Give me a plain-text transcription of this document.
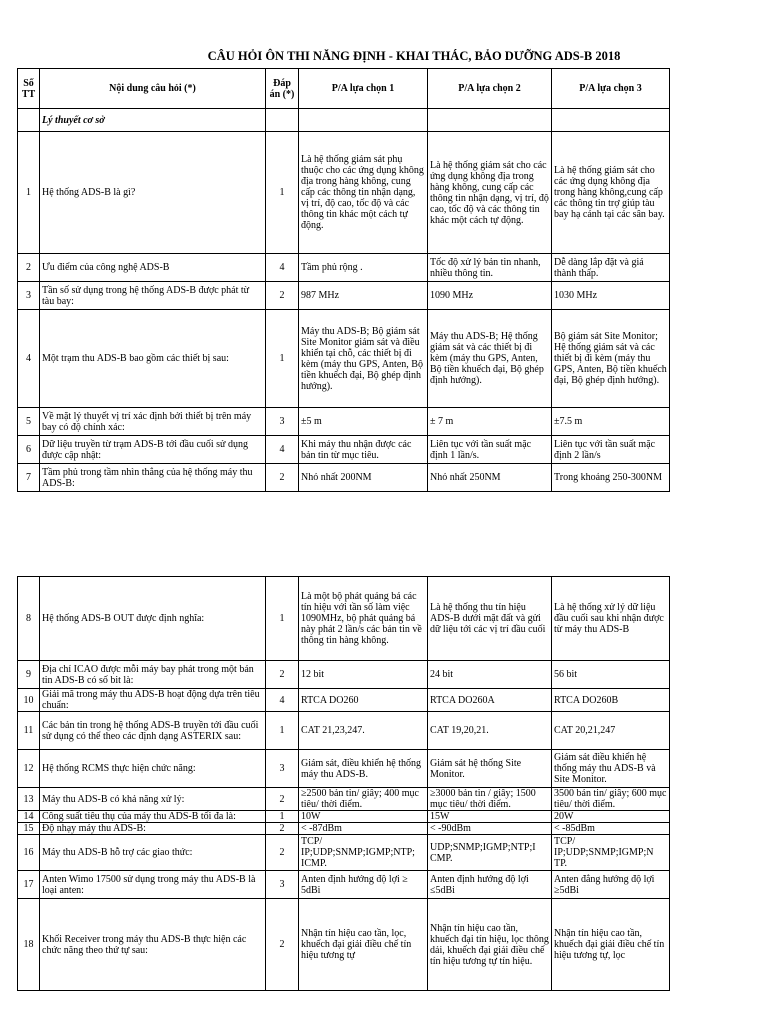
CÂU HỎI ÔN THI NĂNG ĐỊNH - KHAI THÁC, BẢO DƯỠNG ADS-B 2018
Số TT	Nội dung câu hỏi (*)	Đáp án (*)	P/A lựa chọn 1	P/A lựa chọn 2	P/A lựa chọn 3
	Lý thuyết cơ sở				
1	Hệ thống ADS-B là gì?	1	Là hệ thống giám sát phụ thuộc cho các ứng dụng không địa trong hàng không, cung cấp các thông tin nhận dạng, vị trí, độ cao, tốc độ và các thông tin khác một cách tự động.	Là hệ thống giám sát cho các ứng dụng không địa trong hàng không, cung cấp các thông tin nhận dạng, vị trí, độ cao, tốc độ và các thông tin khác một cách tự động.	Là hệ thống giám sát cho các ứng dụng không địa trong hàng không,cung cấp các thông tin trợ giúp tàu bay hạ cánh tại các sân bay.
2	Ưu điểm của công nghệ ADS-B	4	Tầm phủ rộng .	Tốc độ xử lý bản tin nhanh, nhiều thông tin.	Dễ dàng lắp đặt và giá thành thấp.
3	Tần số sử dụng trong hệ thống ADS-B được phát từ tàu bay:	2	987 MHz	1090 MHz	1030 MHz
4	Một trạm thu ADS-B bao gồm các thiết bị sau:	1	Máy thu ADS-B; Bộ giám sát Site Monitor giám sát và điều khiển tại chỗ, các thiết bị đi kèm (máy thu GPS, Anten, Bộ tiền khuếch đại, Bộ ghép định hướng).	Máy thu ADS-B; Hệ thống giám sát và các thiết bị đi kèm (máy thu GPS, Anten, Bộ tiền khuếch đại, Bộ ghép định hướng).	Bộ giám sát Site Monitor; Hệ thống giám sát và các thiết bị đi kèm (máy thu GPS, Anten, Bộ tiền khuếch đại, Bộ ghép định hướng).
5	Về mặt lý thuyết vị trí xác định bởi thiết bị trên máy bay có độ chính xác:	3	±5 m	± 7 m	±7.5 m
6	Dữ liệu truyền từ trạm ADS-B tới đầu cuối sử dụng được cập nhật:	4	Khi máy thu nhận được các bản tin từ mục tiêu.	Liên tục với tần suất mặc định 1 lần/s.	Liên tục với tần suất mặc định 2 lần/s
7	Tầm phủ trong tầm nhìn thẳng của hệ thống máy thu ADS-B:	2	Nhỏ nhất 200NM	Nhỏ nhất 250NM	Trong khoảng 250-300NM
8	Hệ thống ADS-B OUT được định nghĩa:	1	Là một bộ phát quảng bá các tín hiệu với tần số làm việc 1090MHz, bộ phát quảng bá này phát 2 lần/s các bản tin về thông tin hàng không.	Là hệ thống thu tín hiệu ADS-B dưới mặt đất và gửi dữ liệu tới các vị trí đầu cuối	Là hệ thống xử lý dữ liệu đầu cuối sau khi nhận được từ máy thu ADS-B
9	Địa chỉ ICAO được mỗi máy bay phát trong một bản tin ADS-B có số bit là:	2	12 bit	24 bit	56 bit
10	Giải mã trong máy thu ADS-B hoạt động dựa trên tiêu chuẩn:	4	RTCA DO260	RTCA DO260A	RTCA DO260B
11	Các bản tin trong hệ thống ADS-B truyền tới đầu cuối sử dụng có thể theo các định dạng ASTERIX sau:	1	CAT 21,23,247.	CAT 19,20,21.	CAT 20,21,247
12	Hệ thống RCMS thực hiện chức năng:	3	Giám sát, điều khiển hệ thống máy thu ADS-B.	Giám sát hệ thống Site Monitor.	Giám sát điều khiển hệ thống máy thu ADS-B và Site Monitor.
13	Máy thu ADS-B có khả năng xử lý:	2	≥2500 bản tin/ giây; 400 mục tiêu/ thời điểm.	≥3000 bản tin / giây; 1500 mục tiêu/ thời điểm.	3500 bản tin/ giây; 600 mục tiêu/ thời điểm.
14	Công suất tiêu thụ của máy thu ADS-B tối đa là:	1	10W	15W	20W
15	Độ nhạy máy thu ADS-B:	2	< -87dBm	< -90dBm	< -85dBm
16	Máy thu ADS-B hỗ trợ các giao thức:	2	TCP/ IP;UDP;SNMP;IGMP;NTP; ICMP.	UDP;SNMP;IGMP;NTP;I CMP.	TCP/ IP;UDP;SNMP;IGMP;N TP.
17	Anten Wimo 17500 sử dụng trong máy thu ADS-B là loại anten:	3	Anten định hướng độ lợi ≥ 5dBi	Anten định hướng độ lợi ≤5dBi	Anten đẳng hướng độ lợi ≥5dBi
18	Khối Receiver trong máy thu ADS-B thực hiện các chức năng theo thứ tự sau:	2	Nhận tín hiệu cao tần, lọc, khuếch đại giải điều chế tín hiệu tương tự	Nhận tín hiệu cao tần, khuếch đại tín hiệu, lọc thông dải, khuếch đại giải điều chế tín hiệu tương tự tín hiệu.	Nhận tín hiệu cao tần, khuếch đại giải điều chế tín hiệu tương tự, lọc
